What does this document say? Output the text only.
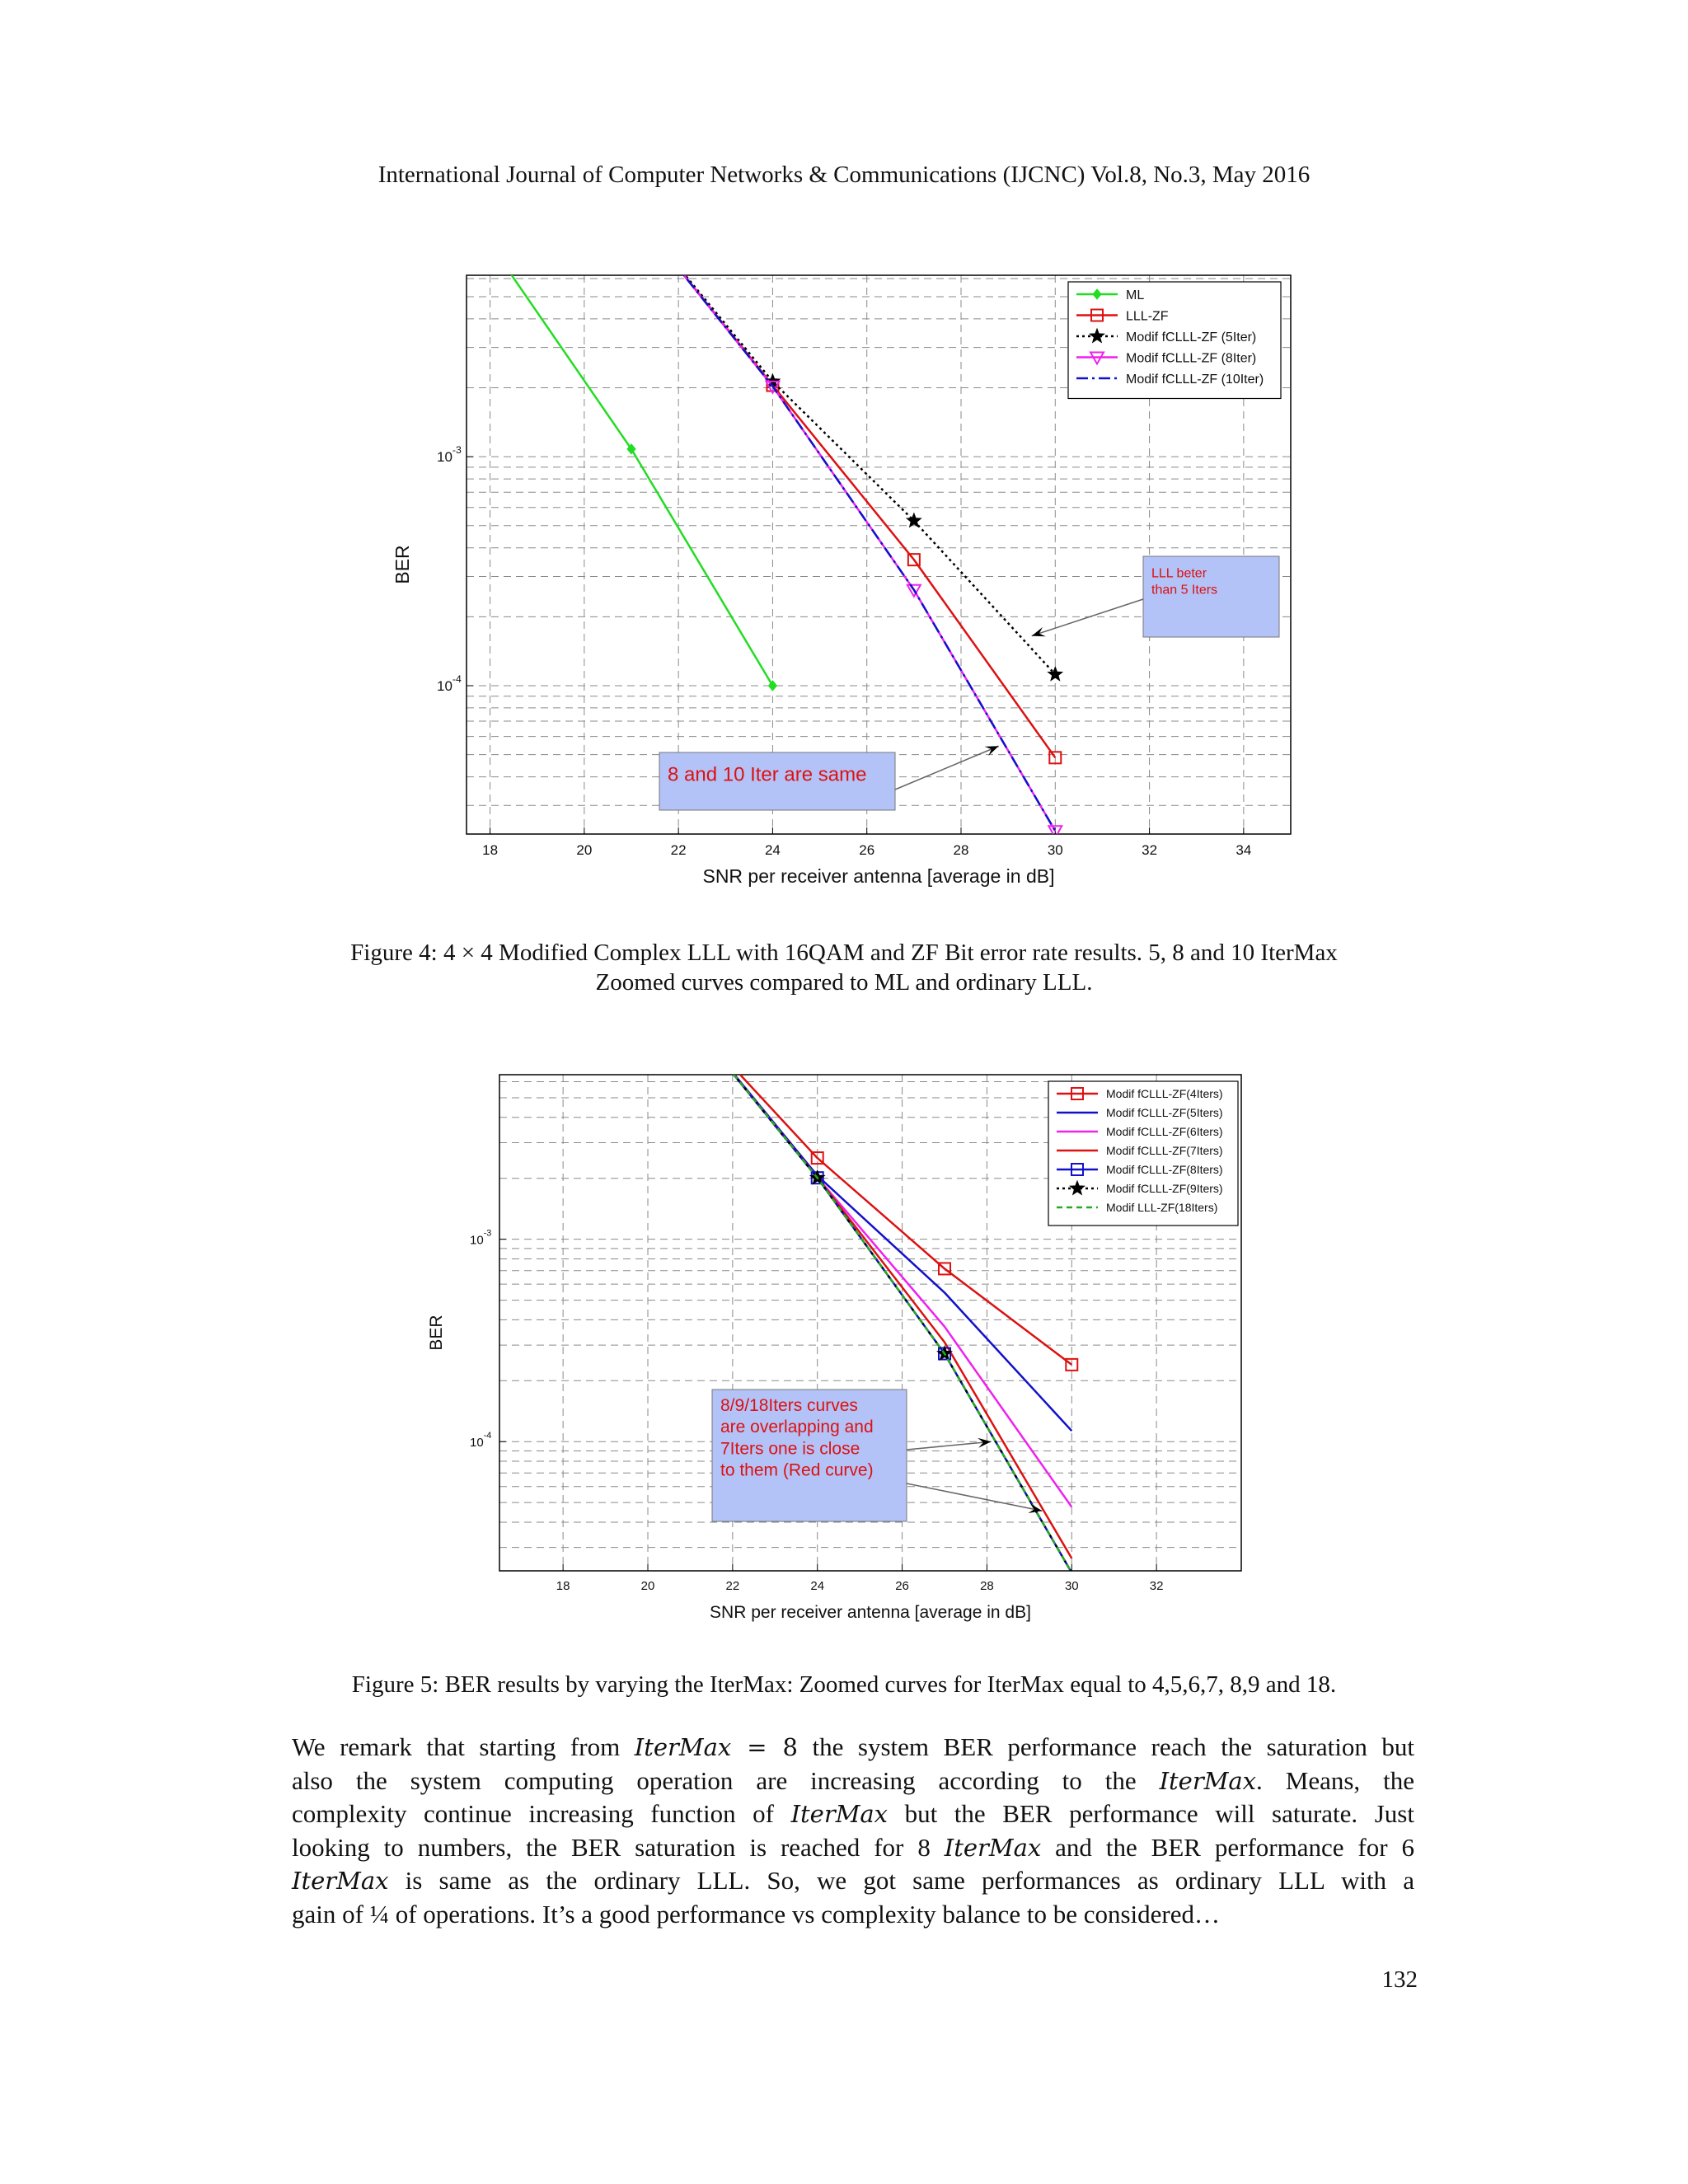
International Journal of Computer Networks & Communications (IJCNC) Vol.8, No.3, May 2016
18	20	22	24	26	28	30	32	34
$10^{-3}$
$10^{-4}$
SNR per receiver antenna [average in dB]
BER
ML
LLL-ZF
Modif fCLLL-ZF (5Iter)
Modif fCLLL-ZF (8Iter)
Modif fCLLL-ZF (10Iter)
LLL beter
than 5 Iters
8 and 10 Iter are same
Figure 4: 4 × 4 Modified Complex LLL with 16QAM and ZF Bit error rate results. 5, 8 and 10 IterMax
Zoomed curves compared to ML and ordinary LLL.
18	20	22	24	26	28	30	32
$10^{-3}$
$10^{-4}$
SNR per receiver antenna [average in dB]
BER
Modif fCLLL-ZF(4Iters)
Modif fCLLL-ZF(5Iters)
Modif fCLLL-ZF(6Iters)
Modif fCLLL-ZF(7Iters)
Modif fCLLL-ZF(8Iters)
Modif fCLLL-ZF(9Iters)
Modif LLL-ZF(18Iters)
8/9/18Iters curves
are overlapping and
7Iters one is close
to them (Red curve)
Figure 5: BER results by varying the IterMax: Zoomed curves for IterMax equal to 4,5,6,7, 8,9 and 18.

We remark that starting from IterMax = 8 the system BER performance reach the saturation but

also the system computing operation are increasing according to the IterMax. Means, the

complexity continue increasing function of IterMax but the BER performance will saturate. Just

looking to numbers, the BER saturation is reached for 8 IterMax and the BER performance for 6

IterMax is same as the ordinary LLL. So, we got same performances as ordinary LLL with a

gain of ¼ of operations. It’s a good performance vs complexity balance to be considered…

132
